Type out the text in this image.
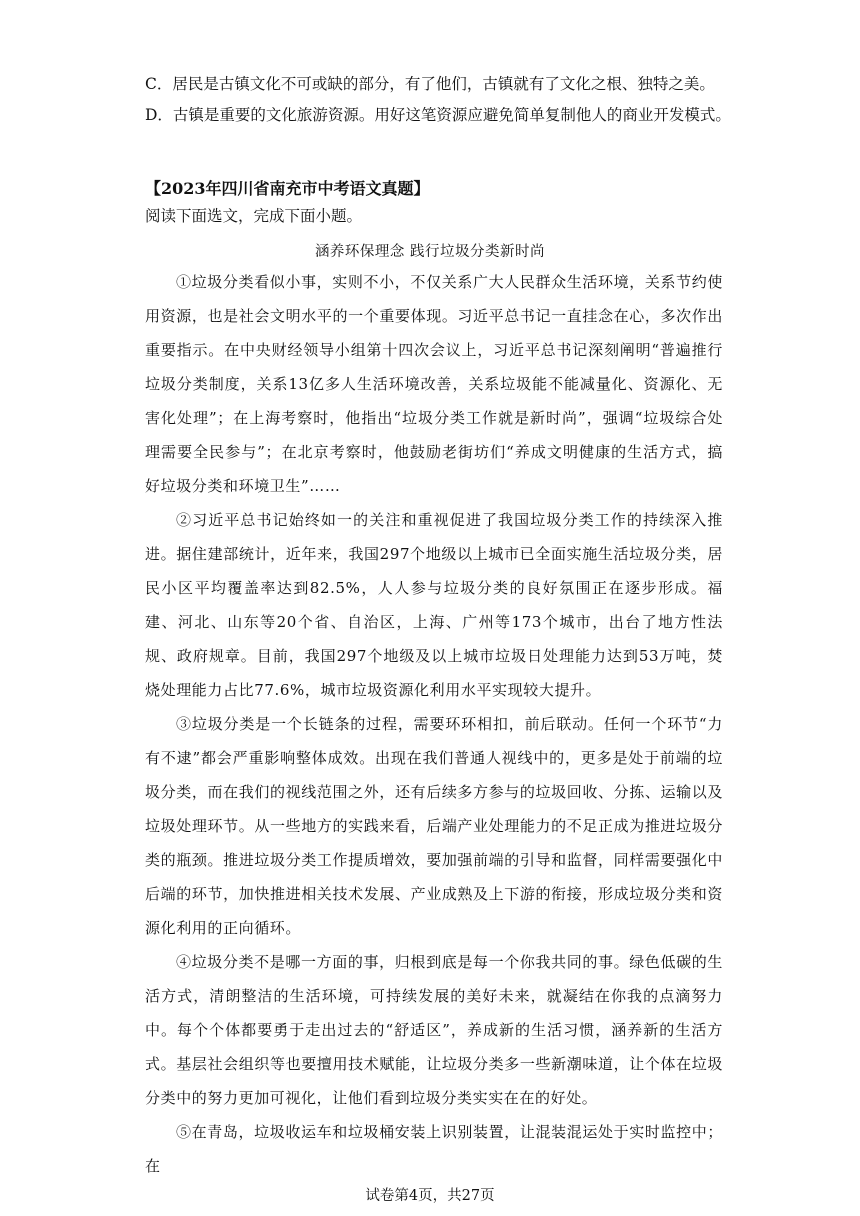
C．居民是古镇文化不可或缺的部分，有了他们，古镇就有了文化之根、独特之美。
D．古镇是重要的文化旅游资源。用好这笔资源应避免简单复制他人的商业开发模式。
【2023年四川省南充市中考语文真题】
阅读下面选文，完成下面小题。
涵养环保理念 践行垃圾分类新时尚
①垃圾分类看似小事，实则不小，不仅关系广大人民群众生活环境，关系节约使用资源，也是社会文明水平的一个重要体现。习近平总书记一直挂念在心，多次作出重要指示。在中央财经领导小组第十四次会议上，习近平总书记深刻阐明“普遍推行垃圾分类制度，关系13亿多人生活环境改善，关系垃圾能不能减量化、资源化、无害化处理”；在上海考察时，他指出“垃圾分类工作就是新时尚”，强调“垃圾综合处理需要全民参与”；在北京考察时，他鼓励老街坊们“养成文明健康的生活方式，搞好垃圾分类和环境卫生”……
②习近平总书记始终如一的关注和重视促进了我国垃圾分类工作的持续深入推进。据住建部统计，近年来，我国297个地级以上城市已全面实施生活垃圾分类，居民小区平均覆盖率达到82.5%，人人参与垃圾分类的良好氛围正在逐步形成。福建、河北、山东等20个省、自治区，上海、广州等173个城市，出台了地方性法规、政府规章。目前，我国297个地级及以上城市垃圾日处理能力达到53万吨，焚烧处理能力占比77.6%，城市垃圾资源化利用水平实现较大提升。
③垃圾分类是一个长链条的过程，需要环环相扣，前后联动。任何一个环节“力有不逮”都会严重影响整体成效。出现在我们普通人视线中的，更多是处于前端的垃圾分类，而在我们的视线范围之外，还有后续多方参与的垃圾回收、分拣、运输以及垃圾处理环节。从一些地方的实践来看，后端产业处理能力的不足正成为推进垃圾分类的瓶颈。推进垃圾分类工作提质增效，要加强前端的引导和监督，同样需要强化中后端的环节，加快推进相关技术发展、产业成熟及上下游的衔接，形成垃圾分类和资源化利用的正向循环。
④垃圾分类不是哪一方面的事，归根到底是每一个你我共同的事。绿色低碳的生活方式，清朗整洁的生活环境，可持续发展的美好未来，就凝结在你我的点滴努力中。每个个体都要勇于走出过去的“舒适区”，养成新的生活习惯，涵养新的生活方式。基层社会组织等也要擅用技术赋能，让垃圾分类多一些新潮味道，让个体在垃圾分类中的努力更加可视化，让他们看到垃圾分类实实在在的好处。
⑤在青岛，垃圾收运车和垃圾桶安装上识别装置，让混装混运处于实时监控中；在
试卷第4页，共27页
